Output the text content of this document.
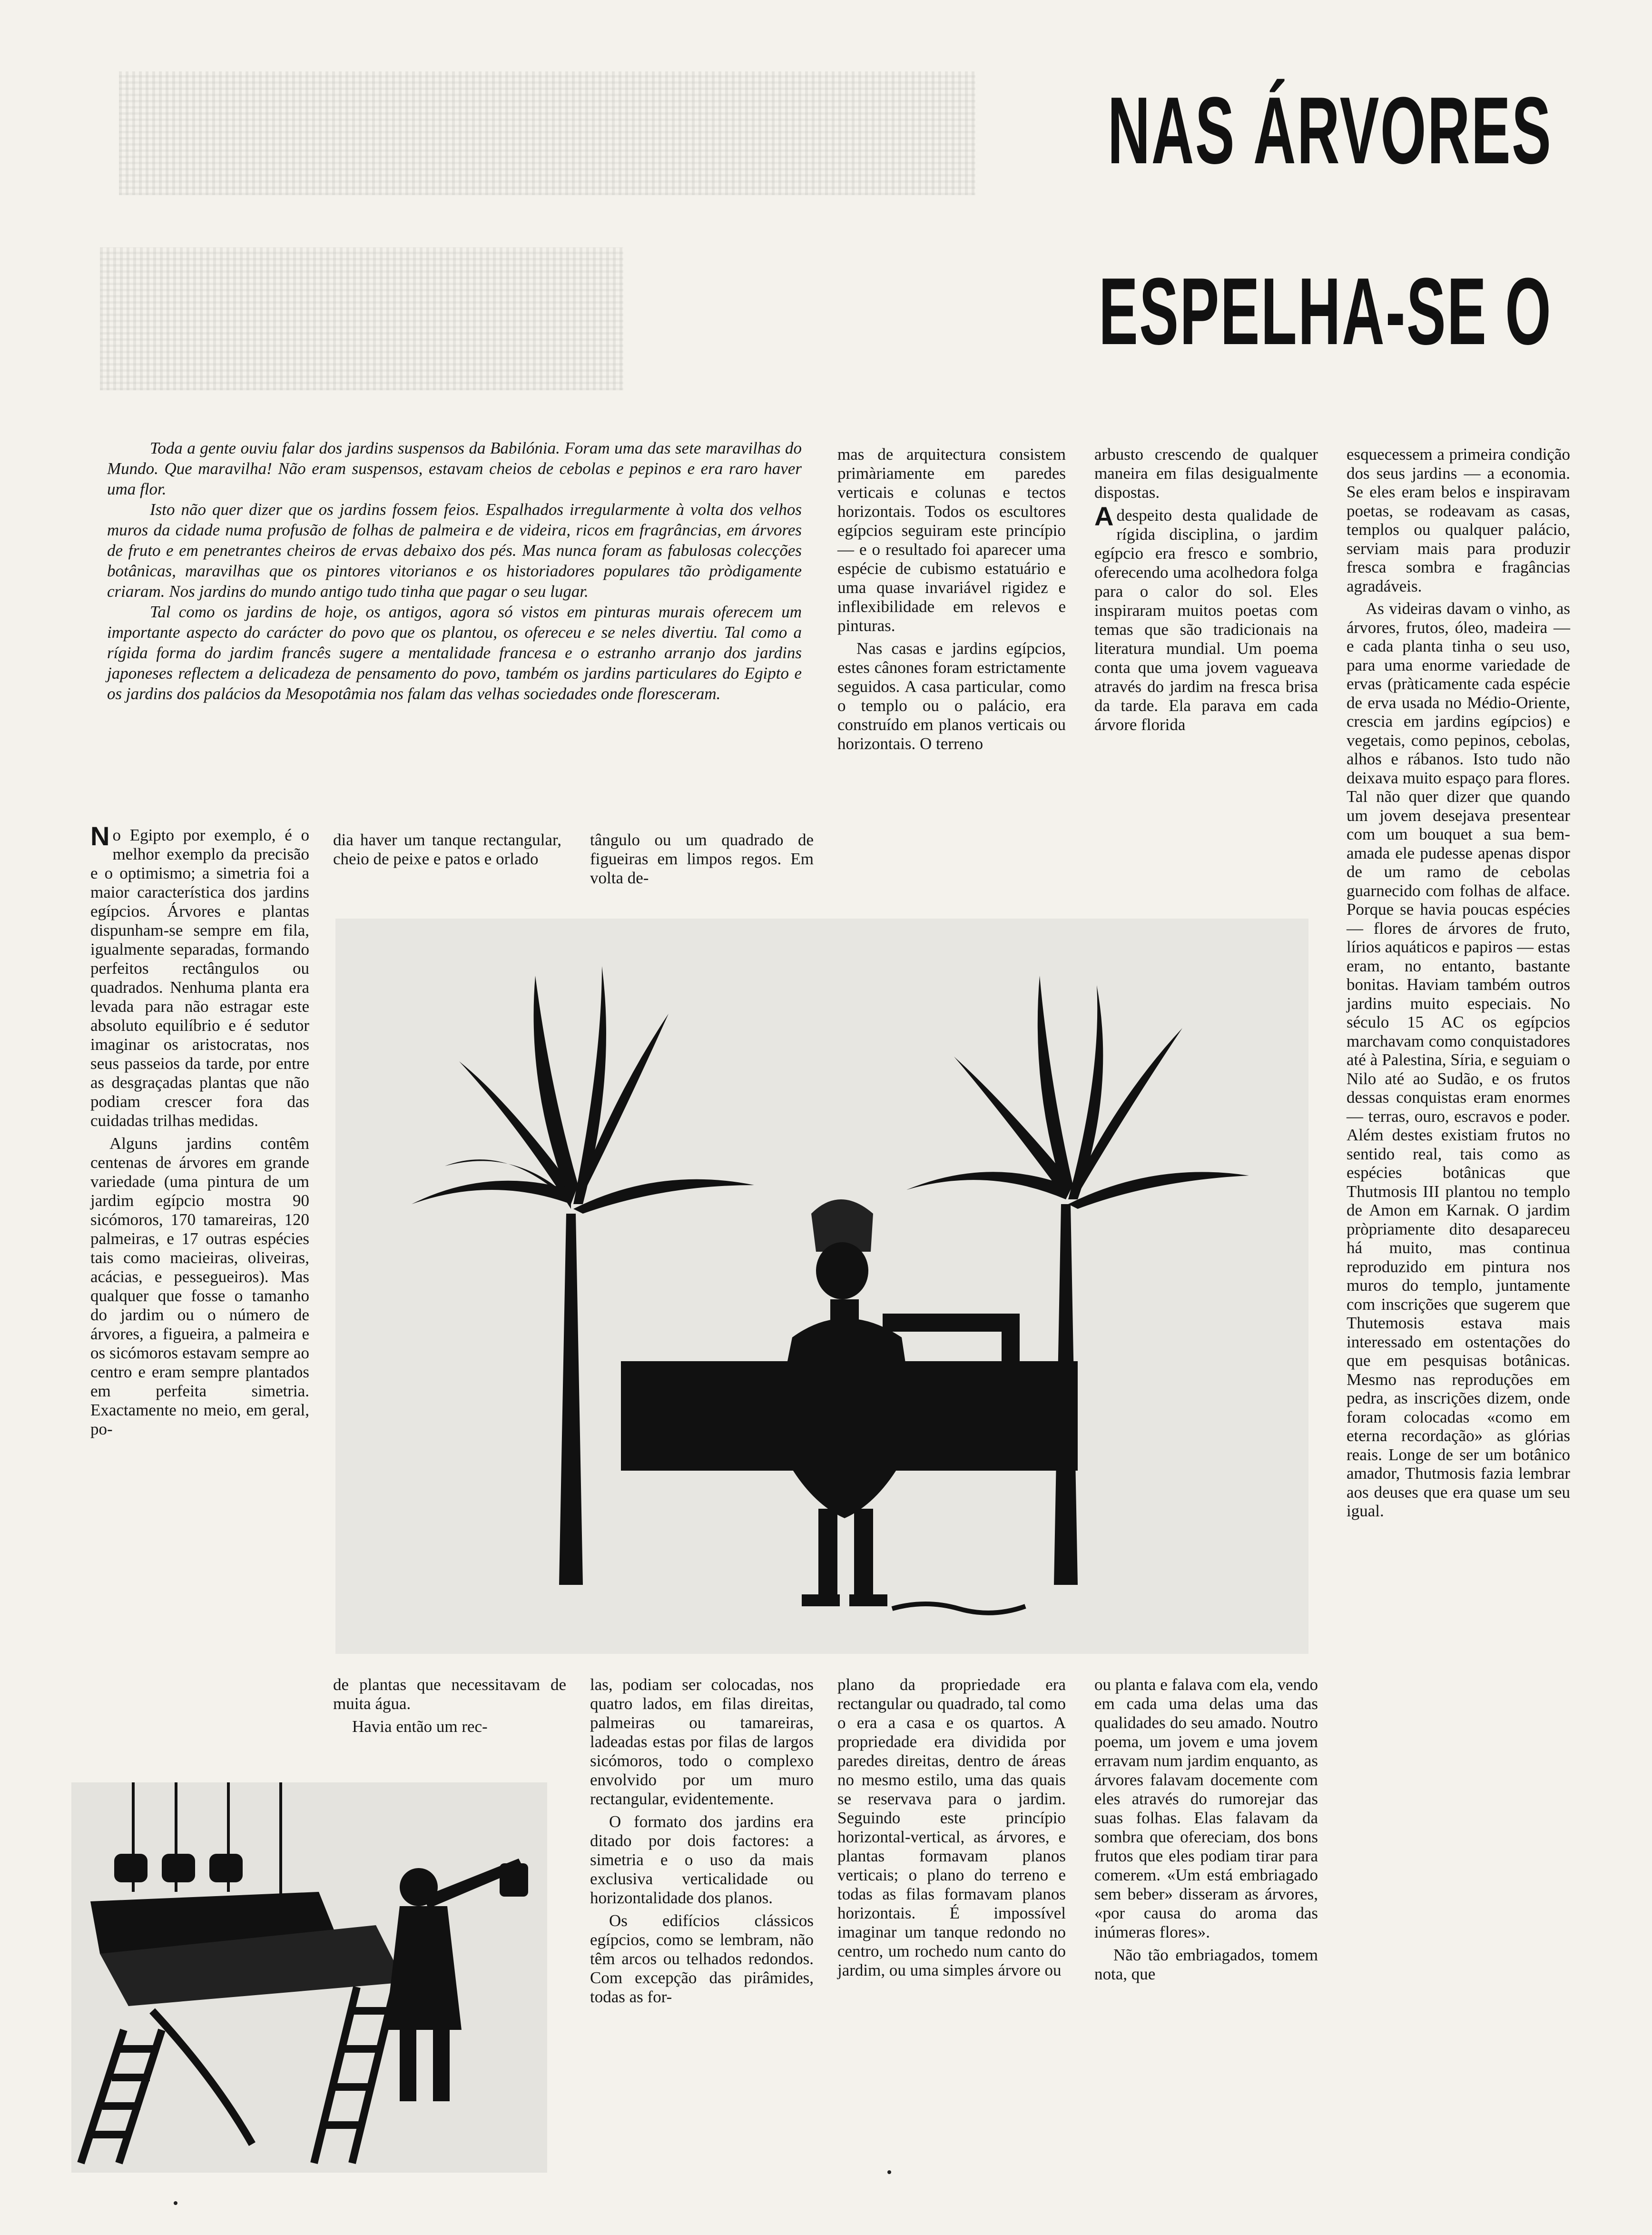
NAS ÁRVORES
ESPELHA-SE O

Toda a gente ouviu falar dos jardins suspensos da Babilónia. Foram uma das sete maravilhas do Mundo. Que maravilha! Não eram suspensos, estavam cheios de cebolas e pepinos e era raro haver uma flor.

Isto não quer dizer que os jardins fossem feios. Espalhados irregularmente à volta dos velhos muros da cidade numa profusão de folhas de palmeira e de videira, ricos em fragrâncias, em árvores de fruto e em penetrantes cheiros de ervas debaixo dos pés. Mas nunca foram as fabulosas colecções botânicas, maravilhas que os pintores vitorianos e os historiadores populares tão pròdigamente criaram. Nos jardins do mundo antigo tudo tinha que pagar o seu lugar.

Tal como os jardins de hoje, os antigos, agora só vistos em pinturas murais oferecem um importante aspecto do carácter do povo que os plantou, os ofereceu e se neles divertiu. Tal como a rígida forma do jardim francês sugere a mentalidade francesa e o estranho arranjo dos jardins japoneses reflectem a delicadeza de pensamento do povo, também os jardins particulares do Egipto e os jardins dos palácios da Mesopotâmia nos falam das velhas sociedades onde floresceram.

No Egipto por exemplo, é o melhor exemplo da precisão e o optimismo; a simetria foi a maior característica dos jardins egípcios. Árvores e plantas dispunham-se sempre em fila, igualmente separadas, formando perfeitos rectângulos ou quadrados. Nenhuma planta era levada para não estragar este absoluto equilíbrio e é sedutor imaginar os aristocratas, nos seus passeios da tarde, por entre as desgraçadas plantas que não podiam crescer fora das cuidadas trilhas medidas.

Alguns jardins contêm centenas de árvores em grande variedade (uma pintura de um jardim egípcio mostra 90 sicómoros, 170 tamareiras, 120 palmeiras, e 17 outras espécies tais como macieiras, oliveiras, acácias, e pessegueiros). Mas qualquer que fosse o tamanho do jardim ou o número de árvores, a figueira, a palmeira e os sicómoros estavam sempre ao centro e eram sempre plantados em perfeita simetria. Exactamente no meio, em geral, po-

dia haver um tanque rectangular, cheio de peixe e patos e orlado

tângulo ou um quadrado de figueiras em limpos regos. Em volta de-

mas de arquitectura consistem primàriamente em paredes verticais e colunas e tectos horizontais. Todos os escultores egípcios seguiram este princípio — e o resultado foi aparecer uma espécie de cubismo estatuário e uma quase invariável rigidez e inflexibilidade em relevos e pinturas.

Nas casas e jardins egípcios, estes cânones foram estrictamente seguidos. A casa particular, como o templo ou o palácio, era construído em planos verticais ou horizontais. O terreno

arbusto crescendo de qualquer maneira em filas desigualmente dispostas.

Adespeito desta qualidade de rígida disciplina, o jardim egípcio era fresco e sombrio, oferecendo uma acolhedora folga para o calor do sol. Eles inspiraram muitos poetas com temas que são tradicionais na literatura mundial. Um poema conta que uma jovem vagueava através do jardim na fresca brisa da tarde. Ela parava em cada árvore florida

esquecessem a primeira condição dos seus jardins — a economia. Se eles eram belos e inspiravam poetas, se rodeavam as casas, templos ou qualquer palácio, serviam mais para produzir fresca sombra e fragâncias agradáveis.

As videiras davam o vinho, as árvores, frutos, óleo, madeira — e cada planta tinha o seu uso, para uma enorme variedade de ervas (pràticamente cada espécie de erva usada no Médio-Oriente, crescia em jardins egípcios) e vegetais, como pepinos, cebolas, alhos e rábanos. Isto tudo não deixava muito espaço para flores. Tal não quer dizer que quando um jovem desejava presentear com um bouquet a sua bem-amada ele pudesse apenas dispor de um ramo de cebolas guarnecido com folhas de alface. Porque se havia poucas espécies — flores de árvores de fruto, lírios aquáticos e papiros — estas eram, no entanto, bastante bonitas. Haviam também outros jardins muito especiais. No século 15 AC os egípcios marchavam como conquistadores até à Palestina, Síria, e seguiam o Nilo até ao Sudão, e os frutos dessas conquistas eram enormes — terras, ouro, escravos e poder. Além destes existiam frutos no sentido real, tais como as espécies botânicas que Thutmosis III plantou no templo de Amon em Karnak. O jardim pròpriamente dito desapareceu há muito, mas continua reproduzido em pintura nos muros do templo, juntamente com inscrições que sugerem que Thutemosis estava mais interessado em ostentações do que em pesquisas botânicas. Mesmo nas reproduções em pedra, as inscrições dizem, onde foram colocadas «como em eterna recordação» as glórias reais. Longe de ser um botânico amador, Thutmosis fazia lembrar aos deuses que era quase um seu igual.

de plantas que necessitavam de muita água.

Havia então um rec-

las, podiam ser colocadas, nos quatro lados, em filas direitas, palmeiras ou tamareiras, ladeadas estas por filas de largos sicómoros, todo o complexo envolvido por um muro rectangular, evidentemente.

O formato dos jardins era ditado por dois factores: a simetria e o uso da mais exclusiva verticalidade ou horizontalidade dos planos.

Os edifícios clássicos egípcios, como se lembram, não têm arcos ou telhados redondos. Com excepção das pirâmides, todas as for-

plano da propriedade era rectangular ou quadrado, tal como o era a casa e os quartos. A propriedade era dividida por paredes direitas, dentro de áreas no mesmo estilo, uma das quais se reservava para o jardim. Seguindo este princípio horizontal-vertical, as árvores, e plantas formavam planos verticais; o plano do terreno e todas as filas formavam planos horizontais. É impossível imaginar um tanque redondo no centro, um rochedo num canto do jardim, ou uma simples árvore ou

ou planta e falava com ela, vendo em cada uma delas uma das qualidades do seu amado. Noutro poema, um jovem e uma jovem erravam num jardim enquanto, as árvores falavam docemente com eles através do rumorejar das suas folhas. Elas falavam da sombra que ofereciam, dos bons frutos que eles podiam tirar para comerem. «Um está embriagado sem beber» disseram as árvores, «por causa do aroma das inúmeras flores».

Não tão embriagados, tomem nota, que
